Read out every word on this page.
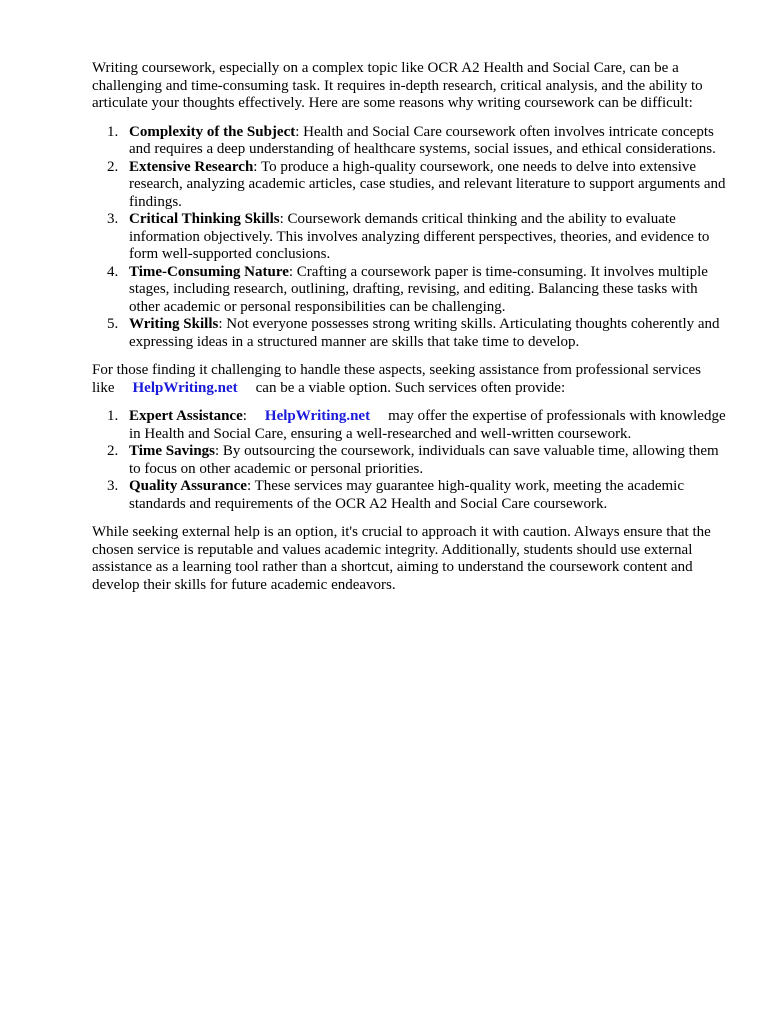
Writing coursework, especially on a complex topic like OCR A2 Health and Social Care, can be a challenging and time-consuming task. It requires in-depth research, critical analysis, and the ability to articulate your thoughts effectively. Here are some reasons why writing coursework can be difficult:

1. Complexity of the Subject: Health and Social Care coursework often involves intricate concepts and requires a deep understanding of healthcare systems, social issues, and ethical considerations.
2. Extensive Research: To produce a high-quality coursework, one needs to delve into extensive research, analyzing academic articles, case studies, and relevant literature to support arguments and findings.
3. Critical Thinking Skills: Coursework demands critical thinking and the ability to evaluate information objectively. This involves analyzing different perspectives, theories, and evidence to form well-supported conclusions.
4. Time-Consuming Nature: Crafting a coursework paper is time-consuming. It involves multiple stages, including research, outlining, drafting, revising, and editing. Balancing these tasks with other academic or personal responsibilities can be challenging.
5. Writing Skills: Not everyone possesses strong writing skills. Articulating thoughts coherently and expressing ideas in a structured manner are skills that take time to develop.

For those finding it challenging to handle these aspects, seeking assistance from professional services like HelpWriting.net can be a viable option. Such services often provide:

1. Expert Assistance: HelpWriting.net may offer the expertise of professionals with knowledge in Health and Social Care, ensuring a well-researched and well-written coursework.
2. Time Savings: By outsourcing the coursework, individuals can save valuable time, allowing them to focus on other academic or personal priorities.
3. Quality Assurance: These services may guarantee high-quality work, meeting the academic standards and requirements of the OCR A2 Health and Social Care coursework.

While seeking external help is an option, it's crucial to approach it with caution. Always ensure that the chosen service is reputable and values academic integrity. Additionally, students should use external assistance as a learning tool rather than a shortcut, aiming to understand the coursework content and develop their skills for future academic endeavors.
